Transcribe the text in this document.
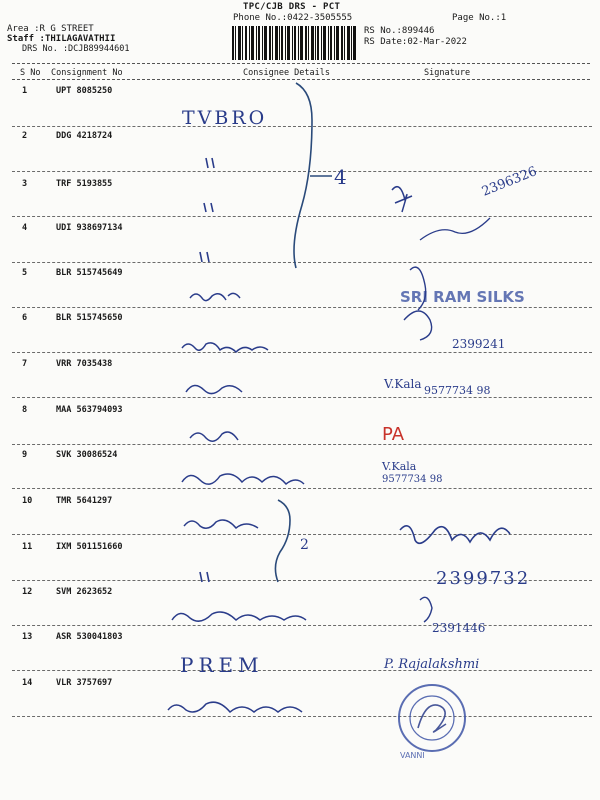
TPC/CJB DRS - PCT
Phone No.:0422-3505555	Page No.:1
Area :R G STREET
Staff :THILAGAVATHII
DRS No. :DCJB89944601
RS No.:899446
RS Date:02-Mar-2022
S No Consignment No	Consignee Details	Signature
1	UPT 8085250
2	DDG 4218724
3	TRF 5193855
4	UDI 938697134
5	BLR 515745649
6	BLR 515745650
7	VRR 7035438
8	MAA 563794093
9	SVK 30086524
10	TMR 5641297
11	IXM 501151660
12	SVM 2623652
13	ASR 530041803
14	VLR 3757697
4
TVBRO
2396326
SRI RAM SILKS
2399241
V.Kala 9577734 98
PA
V.Kala
9577734 98
2
2399732
2391446
PREM	P. Rajalakshmi
VANNI
